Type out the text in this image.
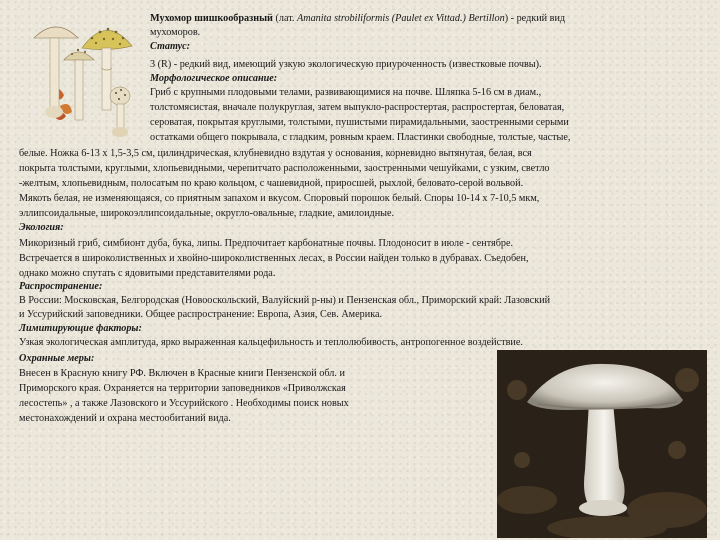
Мухомор шишкообразный (лат. Amanita strobiliformis (Paulet ex Vittad.) Bertillon) - редкий вид
мухоморов.
Статус:
3 (R) - редкий вид, имеющий узкую экологическую приуроченность (известковые почвы).
Морфологическое описание:
Гриб с крупными плодовыми телами, развивающимися на почве. Шляпка 5-16 см в диам.,
толстомясистая, вначале полукруглая, затем выпукло-распростертая, распростертая, беловатая,
сероватая, покрытая круглыми, толстыми, пушистыми пирамидальными, заостренными серыми
остатками общего покрывала, с гладким, ровным краем. Пластинки свободные, толстые, частые,
белые. Ножка 6-13 х 1,5-3,5 см, цилиндрическая, клубневидно вздутая у основания, корневидно вытянутая, белая, вся
покрыта толстыми, круглыми, хлопьевидными, черепитчато расположенными, заостренными чешуйками, с узким, светло
-желтым, хлопьевидным, полосатым по краю кольцом, с чашевидной, приросшей, рыхлой, беловато-серой вольвой.
Мякоть белая, не изменяющаяся, со приятным запахом и вкусом. Споровый порошок белый. Споры 10-14 х 7-10,5 мкм,
эллипсоидальные, широкоэллипсоидальные, округло-овальные, гладкие, амилоидные.
Экология:
Микоризный гриб, симбионт дуба, бука, липы. Предпочитает карбонатные почвы. Плодоносит в июле - сентябре.
Встречается в широколиственных и хвойно-широколиственных лесах, в России найден только в дубравах. Съедобен,
однако можно спутать с ядовитыми представителями рода.
Распространение:
В России: Московская, Белгородская (Новооскольский, Валуйский р-ны) и Пензенская обл., Приморский край: Лазовский
и Уссурийский заповедники. Общее распространение: Европа, Азия, Сев. Америка.
Лимитирующие факторы:
Узкая экологическая амплитуда, ярко выраженная кальцефильность и теплолюбивость, антропогенное воздействие.
Охранные меры:
Внесен в Красную книгу РФ. Включен в Красные книги Пензенской обл. и
Приморского края. Охраняется на территории заповедников «Приволжская
лесостепь» , а также Лазовского и Уссурийского . Необходимы поиск новых
местонахождений и охрана местообитаний вида.
